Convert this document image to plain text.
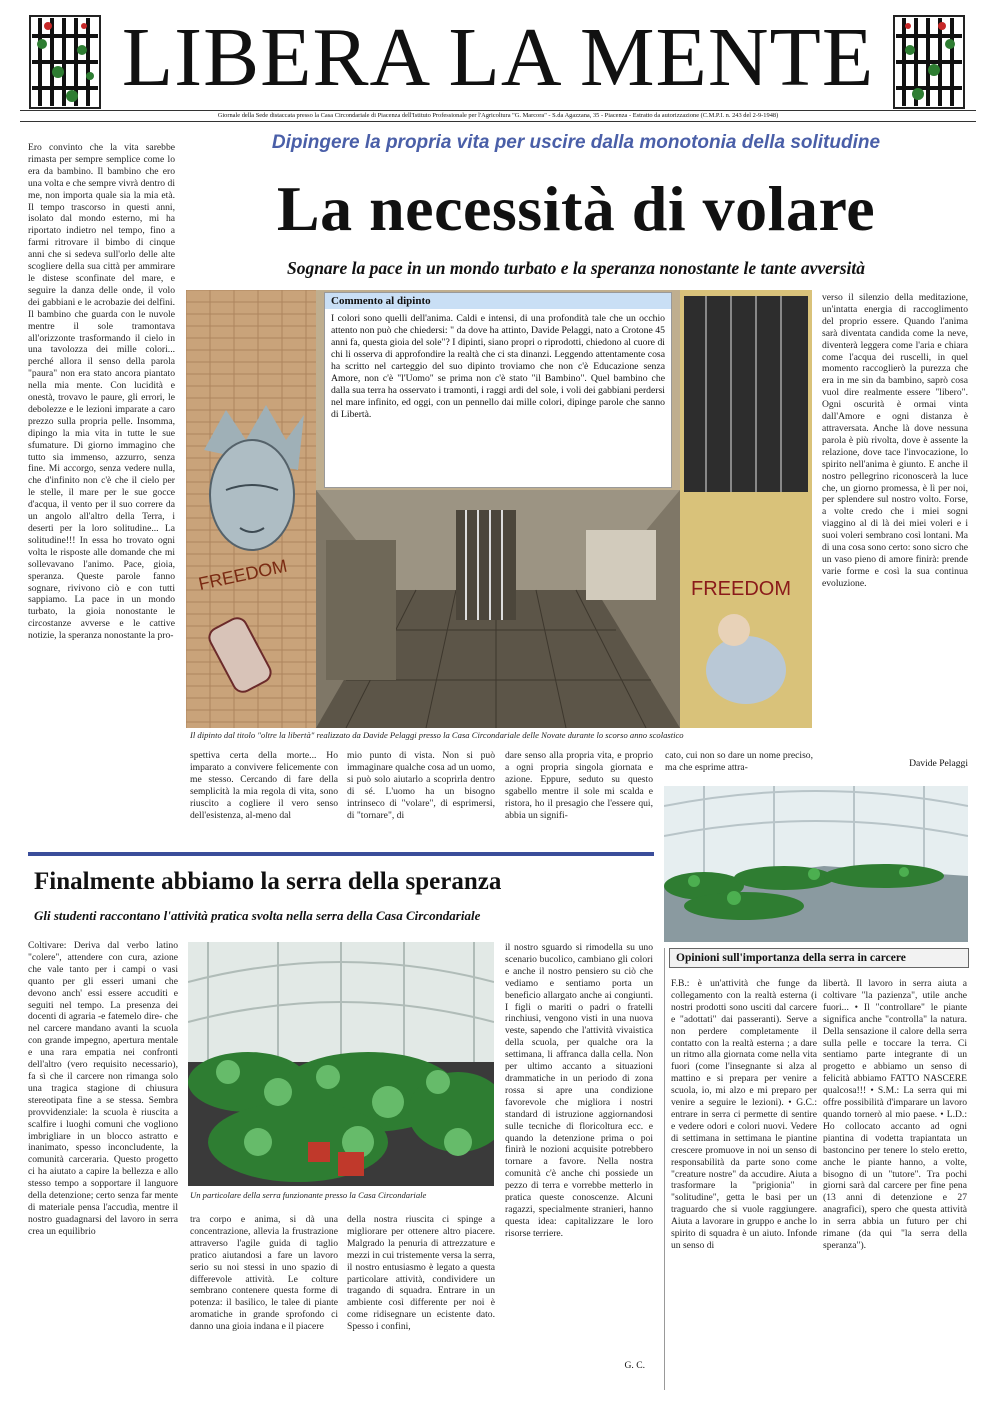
LIBERA LA MENTE
Giornale della Sede distaccata presso la Casa Circondariale di Piacenza dell'Istituto Professionale per l'Agricoltura "G. Marcora" - S.da Agazzana, 35 - Piacenza - Estratto da autorizzazione (C.M.P.I. n. 243 del 2-9-1948)
Ero convinto che la vita sarebbe rimasta per sempre semplice come lo era da bambino. Il bambino che ero una volta e che sempre vivrà dentro di me, non importa quale sia la mia età. Il tempo trascorso in questi anni, isolato dal mondo esterno, mi ha riportato indietro nel tempo, fino a farmi ritrovare il bimbo di cinque anni che si sedeva sull'orlo delle alte scogliere della sua città per ammirare le distese sconfinate del mare, e seguire la danza delle onde, il volo dei gabbiani e le acrobazie dei delfini. Il bambino che guarda con le nuvole mentre il sole tramontava all'orizzonte trasformando il cielo in una tavolozza dei mille colori... perché allora il senso della parola "paura" non era stato ancora piantato nella mia mente. Con lucidità e onestà, trovavo le paure, gli errori, le debolezze e le lezioni imparate a caro prezzo sulla propria pelle. Insomma, dipingo la mia vita in tutte le sue sfumature. Di giorno immagino che tutto sia immenso, azzurro, senza fine. Mi accorgo, senza vedere nulla, che d'infinito non c'è che il cielo per le stelle, il mare per le sue gocce d'acqua, il vento per il suo correre da un angolo all'altro della Terra, i deserti per la loro solitudine... La solitudine!!! In essa ho trovato ogni volta le risposte alle domande che mi sollevavano l'animo. Pace, gioia, speranza. Queste parole fanno sognare, rivivono ciò e con tutti sappiamo. La pace in un mondo turbato, la gioia nonostante le circostanze avverse e le cattive notizie, la speranza nonostante la pro-
Dipingere la propria vita per uscire dalla monotonia della solitudine
La necessità di volare
Sognare la pace in un mondo turbato e la speranza nonostante le tante avversità
FREEDOM	FREEDOM
Commento al dipinto
I colori sono quelli dell'anima. Caldi e intensi, di una profondità tale che un occhio attento non può che chiedersi: " da dove ha attinto, Davide Pelaggi, nato a Crotone 45 anni fa, questa gioia del sole"? I dipinti, siano propri o riprodotti, chiedono al cuore di chi li osserva di approfondire la realtà che ci sta dinanzi. Leggendo attentamente cosa ha scritto nel carteggio del suo dipinto troviamo che non c'è Educazione senza Amore, non c'è "l'Uomo" se prima non c'è stato "il Bambino". Quel bambino che dalla sua terra ha osservato i tramonti, i raggi ardi del sole, i voli dei gabbiani perdersi nel mare infinito, ed oggi, con un pennello dai mille colori, dipinge parole che sanno di Libertà.
Il dipinto dal titolo "oltre la libertà" realizzato da Davide Pelaggi presso la Casa Circondariale delle Novate durante lo scorso anno scolastico
spettiva certa della morte... Ho imparato a convivere felicemente con me stesso. Cercando di fare della semplicità la mia regola di vita, sono riuscito a cogliere il vero senso dell'esistenza, al-meno dal
mio punto di vista. Non si può immaginare qualche cosa ad un uomo, si può solo aiutarlo a scoprirla dentro di sé. L'uomo ha un bisogno intrinseco di "volare", di esprimersi, di "tornare", di
dare senso alla propria vita, e proprio a ogni propria singola giornata e azione. Eppure, seduto su questo sgabello mentre il sole mi scalda e ristora, ho il presagio che l'essere qui, abbia un signifi-
cato, cui non so dare un nome preciso, ma che esprime attra-
verso il silenzio della meditazione, un'intatta energia di raccoglimento del proprio essere. Quando l'anima sarà diventata candida come la neve, diventerà leggera come l'aria e chiara come l'acqua dei ruscelli, in quel momento raccoglierò la purezza che era in me sin da bambino, saprò cosa vuol dire realmente essere "libero". Ogni oscurità è ormai vinta dall'Amore e ogni distanza è attraversata. Anche là dove nessuna parola è più rivolta, dove è assente la relazione, dove tace l'invocazione, lo spirito nell'anima è giunto. E anche il nostro pellegrino riconoscerà la luce che, un giorno promessa, è lì per noi, per splendere sul nostro volto. Forse, a volte credo che i miei sogni viaggino al di là dei miei voleri e i suoi voleri sembrano così lontani. Ma di una cosa sono certo: sono sicro che un vaso pieno di amore finirà: prende varie forme e così la sua continua evoluzione.
Davide Pelaggi
Finalmente abbiamo la serra della speranza
Gli studenti raccontano l'attività pratica svolta nella serra della Casa Circondariale
Coltivare: Deriva dal verbo latino "colere", attendere con cura, azione che vale tanto per i campi o vasi quanto per gli esseri umani che devono anch' essi essere accuditi e seguiti nel tempo. La presenza dei docenti di agraria -e fatemelo dire- che nel carcere mandano avanti la scuola con grande impegno, apertura mentale e una rara empatia nei confronti dell'altro (vero requisito necessario), fa sì che il carcere non rimanga solo una tragica stagione di chiusura stereotipata fine a se stessa. Sembra provvidenziale: la scuola è riuscita a scalfire i luoghi comuni che vogliono imbrigliare in un blocco astratto e inanimato, spesso inconcludente, la comunità carceraria. Questo progetto ci ha aiutato a capire la bellezza e allo stesso tempo a sopportare il languore della detenzione; certo senza far mente di materiale pensa l'accudìa, mentre il nostro guadagnarsi del lavoro in serra crea un equilibrio
Un particolare della serra funzionante presso la Casa Circondariale
tra corpo e anima, si dà una concentrazione, allevia la frustrazione attraverso l'agile guida di taglio pratico aiutandosi a fare un lavoro serio su noi stessi in uno spazio di differevole attività. Le colture sembrano contenere questa forme di potenza: il basilico, le talee di piante aromatiche in grande sprofondo ci danno una gioia indana e il piacere
della nostra riuscita ci spinge a migliorare per ottenere altro piacere. Malgrado la penuria di attrezzature e mezzi in cui tristemente versa la serra, il nostro entusiasmo è legato a questa particolare attività, condividere un tragando di squadra. Entrare in un ambiente così differente per noi è come ridisegnare un ecistente dato. Spesso i confini,
il nostro sguardo si rimodella su uno scenario bucolico, cambiano gli colori e anche il nostro pensiero su ciò che vediamo e sentiamo porta un beneficio allargato anche ai congiunti. I figli o mariti o padri o fratelli rinchiusi, vengono visti in una nuova veste, sapendo che l'attività vivaistica della scuola, per qualche ora la settimana, li affranca dalla cella. Non per ultimo accanto a situazioni drammatiche in un periodo di zona rossa si apre una condizione favorevole che migliora i nostri standard di istruzione aggiornandosi sulle tecniche di floricoltura ecc. e quando la detenzione prima o poi finirà le nozioni acquisite potrebbero tornare a favore. Nella nostra comunità c'è anche chi possiede un pezzo di terra e vorrebbe metterlo in pratica queste conoscenze. Alcuni ragazzi, specialmente stranieri, hanno questa idea: capitalizzare le loro risorse terriere.
G. C.
Opinioni sull'importanza della serra in carcere
F.B.: è un'attività che funge da collegamento con la realtà esterna (i nostri prodotti sono usciti dal carcere e "adottati" dai passeranti). Serve a non perdere completamente il contatto con la realtà esterna ; a dare un ritmo alla giornata come nella vita fuori (come l'insegnante si alza al mattino e si prepara per venire a scuola, io, mi alzo e mi preparo per venire a seguire le lezioni). • G.C.: entrare in serra ci permette di sentire e vedere odori e colori nuovi. Vedere di settimana in settimana le piantine crescere promuove in noi un senso di responsabilità da parte sono come "creature nostre" da accudire. Aiuta a trasformare la "prigionia" in "solitudine", getta le basi per un traguardo che si vuole raggiungere. Aiuta a lavorare in gruppo e anche lo spirito di squadra è un aiuto. Infonde un senso di
libertà. Il lavoro in serra aiuta a coltivare "la pazienza", utile anche fuori... • Il "controllare" le piante significa anche "controlla" la natura. Della sensazione il calore della serra sulla pelle e toccare la terra. Ci sentiamo parte integrante di un progetto e abbiamo un senso di felicità abbiamo FATTO NASCERE qualcosa!!! • S.M.: La serra qui mi offre possibilità d'imparare un lavoro quando tornerò al mio paese. • L.D.: Ho collocato accanto ad ogni piantina di vodetta trapiantata un bastoncino per tenere lo stelo eretto, anche le piante hanno, a volte, bisogno di un "tutore". Tra pochi giorni sarà dal carcere per fine pena (13 anni di detenzione e 27 anagrafici), spero che questa attività in serra abbia un futuro per chi rimane (da qui "la serra della speranza").
